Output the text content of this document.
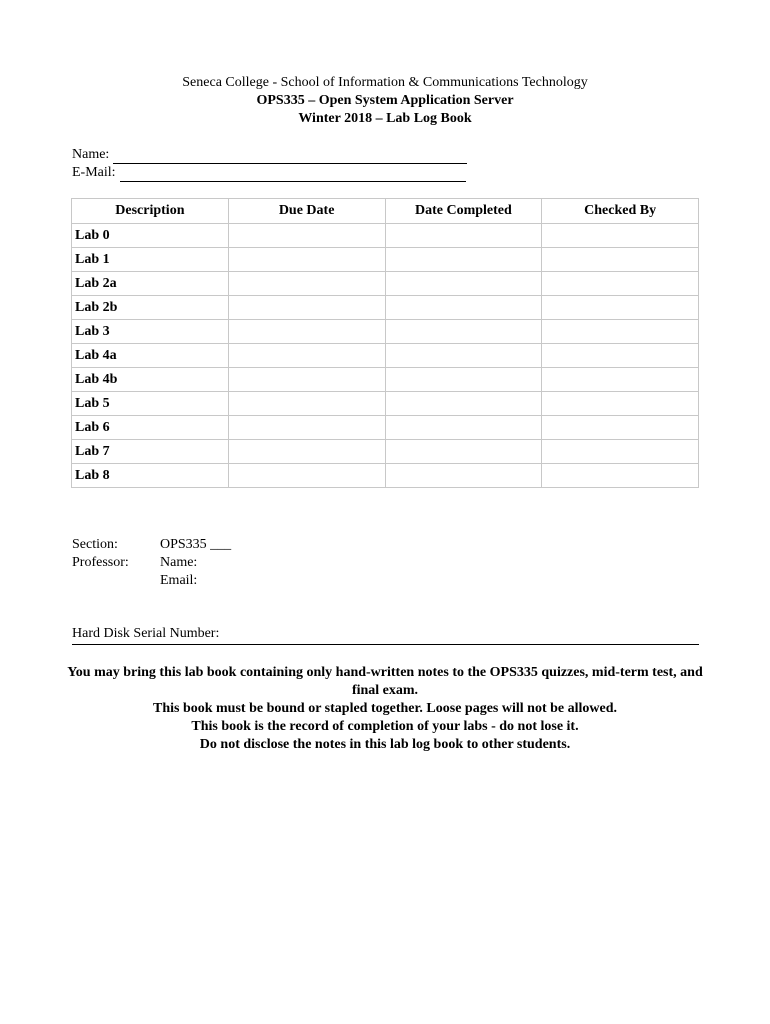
Seneca College - School of Information & Communications Technology
OPS335 – Open System Application Server
Winter 2018 – Lab Log Book
Name:
E-Mail:
Description	Due Date	Date Completed	Checked By
Lab 0			
Lab 1			
Lab 2a			
Lab 2b			
Lab 3			
Lab 4a			
Lab 4b			
Lab 5			
Lab 6			
Lab 7			
Lab 8			
Section:	OPS335 ___
Professor:	Name:
Email:
Hard Disk Serial Number:

You may bring this lab book containing only hand-written notes to the OPS335 quizzes, mid-term test, and final exam.

This book must be bound or stapled together. Loose pages will not be allowed.

This book is the record of completion of your labs - do not lose it.

Do not disclose the notes in this lab log book to other students.
